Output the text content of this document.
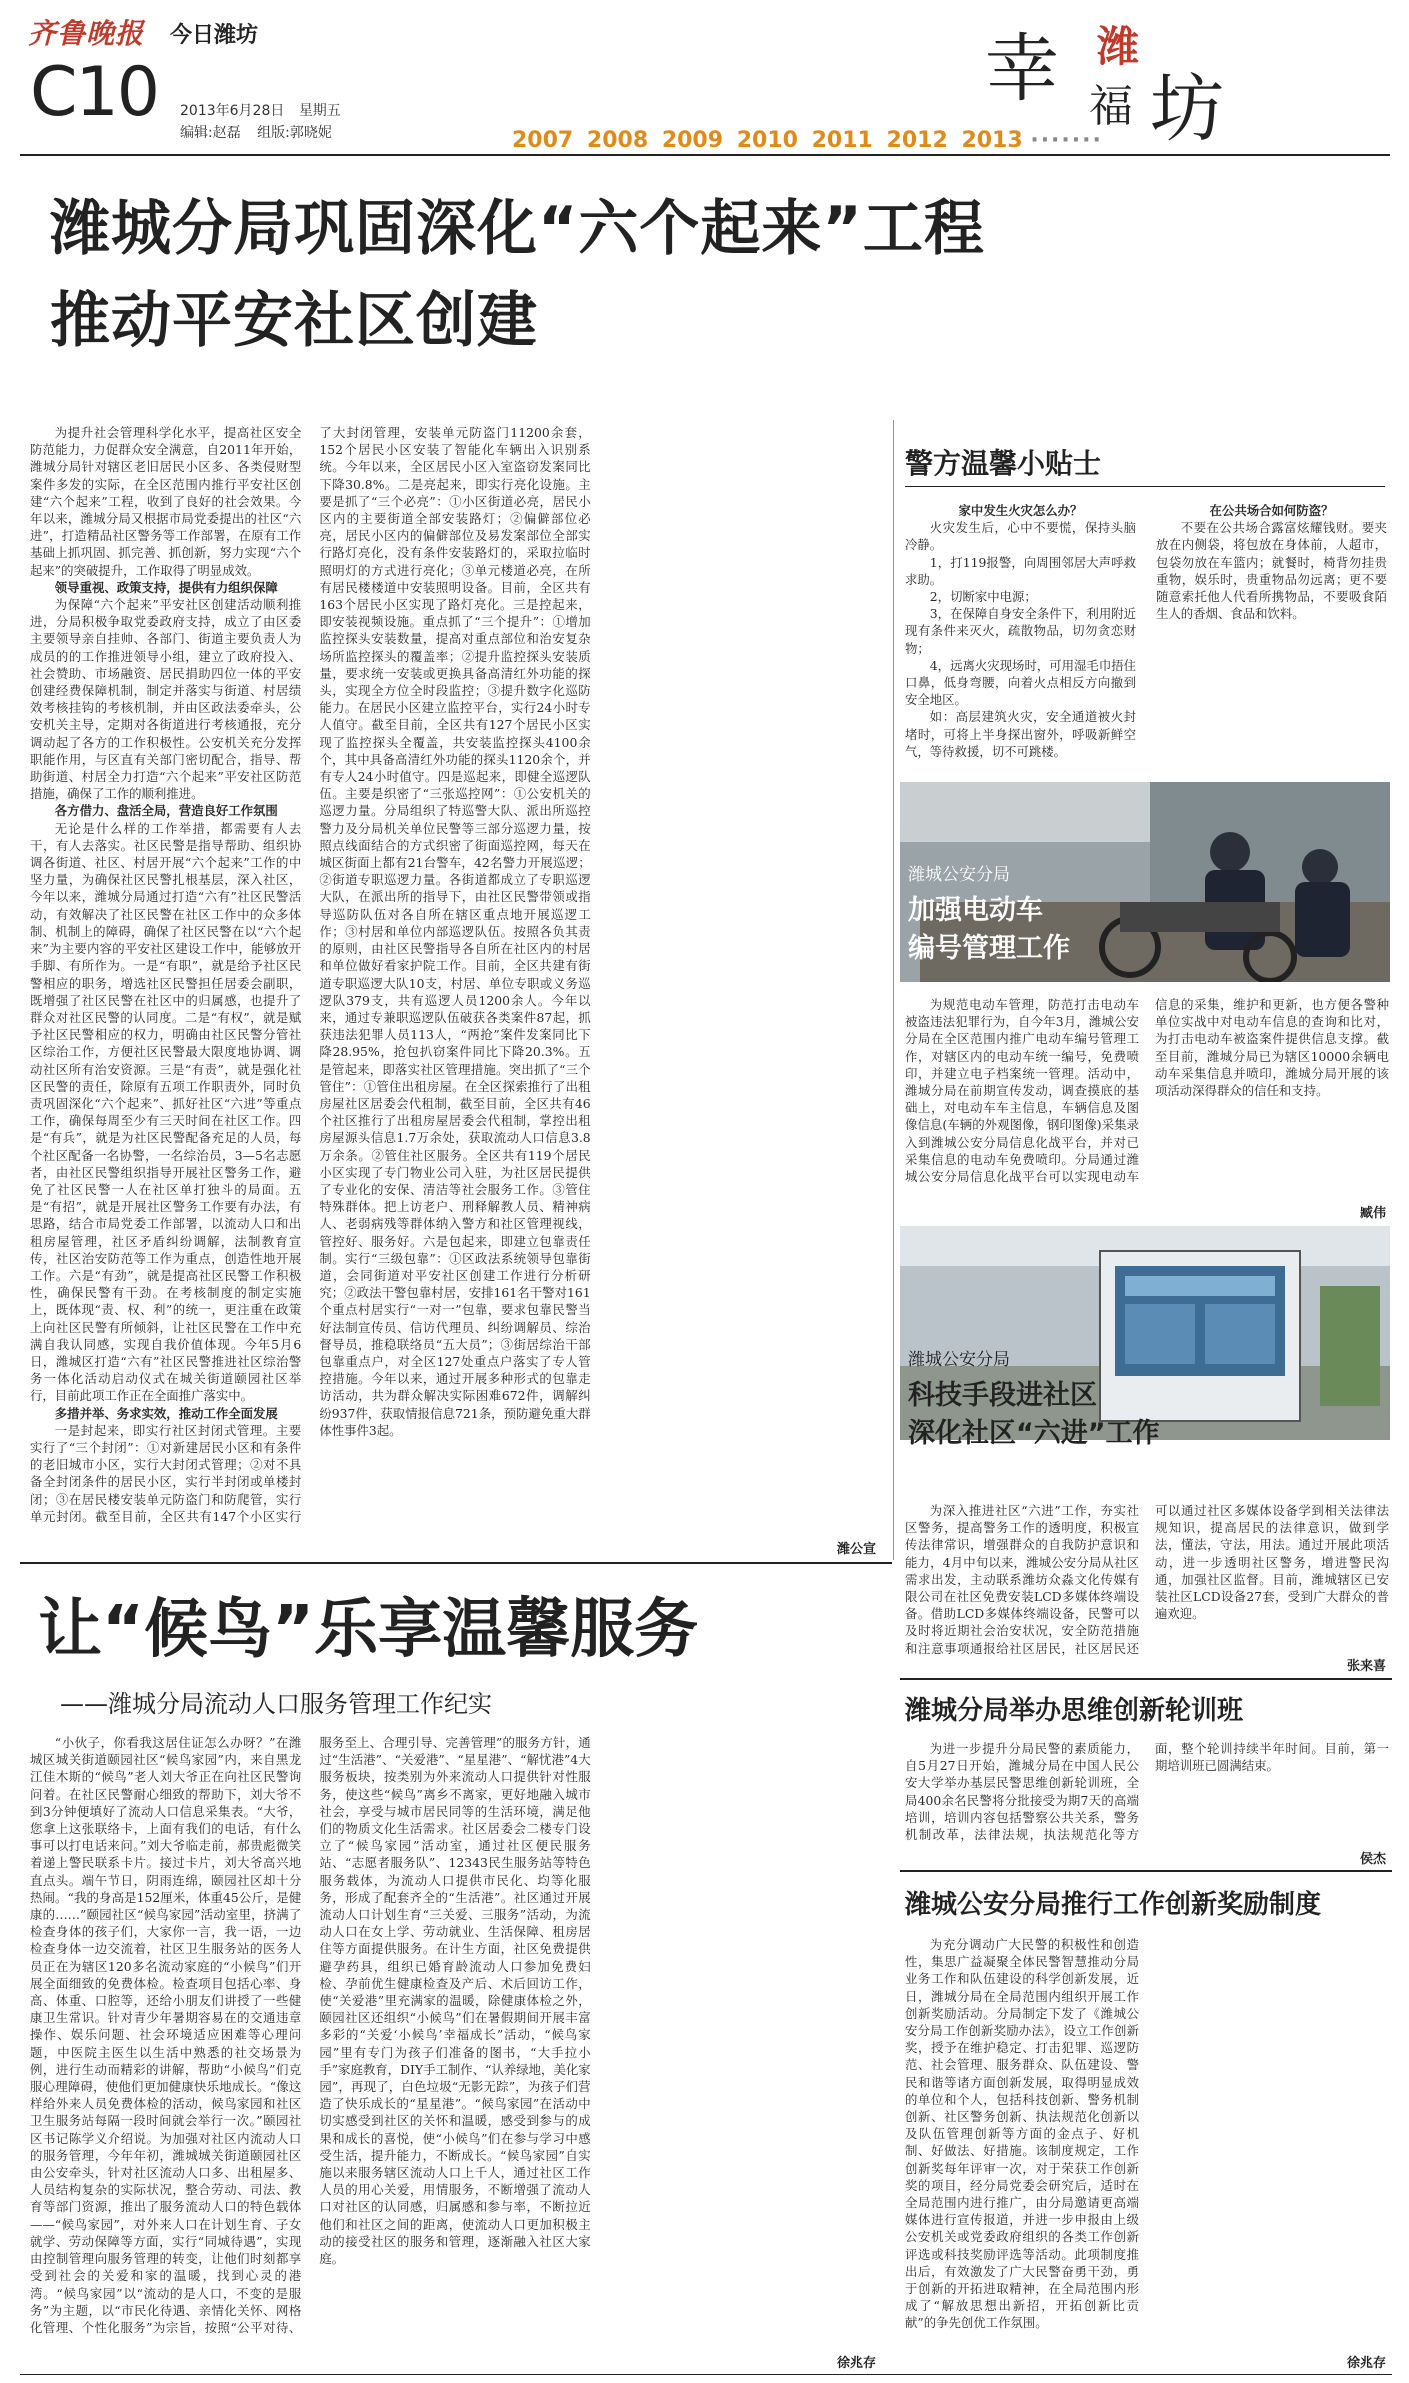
齐鲁晚报 今日潍坊
C10 2013年6月28日 星期五
编辑:赵磊 组版:郭晓妮	2007 2008 2009 2010 2011 2012 2013 ·······
幸 潍
福 坊
潍城分局巩固深化“六个起来”工程
推动平安社区创建

为提升社会管理科学化水平，提高社区安全防范能力，力促群众安全满意，自2011年开始，潍城分局针对辖区老旧居民小区多、各类侵财型案件多发的实际，在全区范围内推行平安社区创建“六个起来”工程，收到了良好的社会效果。今年以来，潍城分局又根据市局党委提出的社区“六进”，打造精品社区警务等工作部署，在原有工作基础上抓巩固、抓完善、抓创新，努力实现“六个起来”的突破提升，工作取得了明显成效。

领导重视、政策支持，提供有力组织保障

为保障“六个起来”平安社区创建活动顺利推进，分局积极争取党委政府支持，成立了由区委主要领导亲自挂帅、各部门、街道主要负责人为成员的的工作推进领导小组，建立了政府投入、社会赞助、市场融资、居民捐助四位一体的平安创建经费保障机制，制定并落实与街道、村居绩效考核挂钩的考核机制，并由区政法委牵头，公安机关主导，定期对各街道进行考核通报，充分调动起了各方的工作积极性。公安机关充分发挥职能作用，与区直有关部门密切配合，指导、帮助街道、村居全力打造“六个起来”平安社区防范措施，确保了工作的顺利推进。

各方借力、盘活全局，营造良好工作氛围

无论是什么样的工作举措，都需要有人去干，有人去落实。社区民警是指导帮助、组织协调各街道、社区、村居开展“六个起来”工作的中坚力量，为确保社区民警扎根基层，深入社区，今年以来，潍城分局通过打造“六有”社区民警活动，有效解决了社区民警在社区工作中的众多体制、机制上的障碍，确保了社区民警在以“六个起来”为主要内容的平安社区建设工作中，能够放开手脚、有所作为。一是“有职”，就是给予社区民警相应的职务，增选社区民警担任居委会副职，既增强了社区民警在社区中的归属感，也提升了群众对社区民警的认同度。二是“有权”，就是赋予社区民警相应的权力，明确由社区民警分管社区综治工作，方便社区民警最大限度地协调、调动社区所有治安资源。三是“有责”，就是强化社区民警的责任，除原有五项工作职责外，同时负责巩固深化“六个起来”、抓好社区“六进”等重点工作，确保每周至少有三天时间在社区工作。四是“有兵”，就是为社区民警配备充足的人员，每个社区配备一名协警，一名综治员，3—5名志愿者，由社区民警组织指导开展社区警务工作，避免了社区民警一人在社区单打独斗的局面。五是“有招”，就是开展社区警务工作要有办法，有思路，结合市局党委工作部署，以流动人口和出租房屋管理，社区矛盾纠纷调解，法制教育宣传，社区治安防范等工作为重点，创造性地开展工作。六是“有劲”，就是提高社区民警工作积极性，确保民警有干劲。在考核制度的制定实施上，既体现“责、权、利”的统一，更注重在政策上向社区民警有所倾斜，让社区民警在工作中充满自我认同感，实现自我价值体现。今年5月6日，潍城区打造“六有”社区民警推进社区综治警务一体化活动启动仪式在城关街道颐园社区举行，目前此项工作正在全面推广落实中。

多措并举、务求实效，推动工作全面发展

一是封起来，即实行社区封闭式管理。主要实行了“三个封闭”：①对新建居民小区和有条件的老旧城市小区，实行大封闭式管理；②对不具备全封闭条件的居民小区，实行半封闭或单楼封闭；③在居民楼安装单元防盗门和防爬管，实行单元封闭。截至目前，全区共有147个小区实行了大封闭管理，安装单元防盗门11200余套，152个居民小区安装了智能化车辆出入识别系统。今年以来，全区居民小区入室盗窃发案同比下降30.8%。二是亮起来，即实行亮化设施。主要是抓了“三个必亮”：①小区街道必亮，居民小区内的主要街道全部安装路灯；②偏僻部位必亮，居民小区内的偏僻部位及易发案部位全部实行路灯亮化，没有条件安装路灯的，采取拉临时照明灯的方式进行亮化；③单元楼道必亮，在所有居民楼楼道中安装照明设备。目前，全区共有163个居民小区实现了路灯亮化。三是控起来，即安装视频设施。重点抓了“三个提升”：①增加监控探头安装数量，提高对重点部位和治安复杂场所监控探头的覆盖率；②提升监控探头安装质量，要求统一安装或更换具备高清红外功能的探头，实现全方位全时段监控；③提升数字化巡防能力。在居民小区建立监控平台，实行24小时专人值守。截至目前，全区共有127个居民小区实现了监控探头全覆盖，共安装监控探头4100余个，其中具备高清红外功能的探头1120余个，并有专人24小时值守。四是巡起来，即健全巡逻队伍。主要是织密了“三张巡控网”：①公安机关的巡逻力量。分局组织了特巡警大队、派出所巡控警力及分局机关单位民警等三部分巡逻力量，按照点线面结合的方式织密了街面巡控网，每天在城区街面上都有21台警车，42名警力开展巡逻；②街道专职巡逻力量。各街道都成立了专职巡逻大队，在派出所的指导下，由社区民警带领或指导巡防队伍对各自所在辖区重点地开展巡逻工作；③村居和单位内部巡逻队伍。按照各负其责的原则，由社区民警指导各自所在社区内的村居和单位做好看家护院工作。目前，全区共建有街道专职巡逻大队10支，村居、单位专职或义务巡逻队379支，共有巡逻人员1200余人。今年以来，通过专兼职巡逻队伍破获各类案件87起，抓获违法犯罪人员113人，“两抢”案件发案同比下降28.95%，抢包扒窃案件同比下降20.3%。五是管起来，即落实社区管理措施。突出抓了“三个管住”：①管住出租房屋。在全区探索推行了出租房屋社区居委会代租制，截至目前，全区共有46个社区推行了出租房屋居委会代租制，掌控出租房屋源头信息1.7万余处，获取流动人口信息3.8万余条。②管住社区服务。全区共有119个居民小区实现了专门物业公司入驻，为社区居民提供了专业化的安保、清洁等社会服务工作。③管住特殊群体。把上访老户、刑释解教人员、精神病人、老弱病残等群体纳入警方和社区管理视线，管控好、服务好。六是包起来，即建立包靠责任制。实行“三级包靠”：①区政法系统领导包靠街道，会同街道对平安社区创建工作进行分析研究；②政法干警包靠村居，安排161名干警对161个重点村居实行“一对一”包靠，要求包靠民警当好法制宣传员、信访代理员、纠纷调解员、综治督导员，推稳联络员“五大员”；③街居综治干部包靠重点户，对全区127处重点户落实了专人管控措施。今年以来，通过开展多种形式的包靠走访活动，共为群众解决实际困难672件，调解纠纷937件，获取情报信息721条，预防避免重大群体性事件3起。

潍公宣
警方温馨小贴士

家中发生火灾怎么办？

火灾发生后，心中不要慌，保持头脑冷静。

1，打119报警，向周围邻居大声呼救求助。

2，切断家中电源；

3，在保障自身安全条件下，利用附近现有条件来灭火，疏散物品，切勿贪恋财物；

4，远离火灾现场时，可用湿毛巾捂住口鼻，低身弯腰，向着火点相反方向撤到安全地区。

如：高层建筑火灾，安全通道被火封堵时，可将上半身探出窗外，呼吸新鲜空气，等待救援，切不可跳楼。

在公共场合如何防盗？

不要在公共场合露富炫耀钱财。要夹放在内侧袋，将包放在身体前，人超市，包袋勿放在车篮内；就餐时，椅背勿挂贵重物，娱乐时，贵重物品勿远离；更不要随意索托他人代看所携物品，不要吸食陌生人的香烟、食品和饮料。

潍城公安分局
加强电动车
编号管理工作

为规范电动车管理，防范打击电动车被盗违法犯罪行为，自今年3月，潍城公安分局在全区范围内推广电动车编号管理工作，对辖区内的电动车统一编号，免费喷印，并建立电子档案统一管理。活动中，潍城分局在前期宣传发动，调查摸底的基础上，对电动车车主信息，车辆信息及图像信息(车辆的外观图像，钢印图像)采集录入到潍城公安分局信息化战平台，并对已采集信息的电动车免费喷印。分局通过潍城公安分局信息化战平台可以实现电动车信息的采集，维护和更新，也方便各警种单位实战中对电动车信息的查询和比对，为打击电动车被盗案件提供信息支撑。截至目前，潍城分局已为辖区10000余辆电动车采集信息并喷印，潍城分局开展的该项活动深得群众的信任和支持。

臧伟
潍城公安分局
科技手段进社区
深化社区“六进”工作

为深入推进社区“六进”工作，夯实社区警务，提高警务工作的透明度，积极宣传法律常识，增强群众的自我防护意识和能力，4月中旬以来，潍城公安分局从社区需求出发，主动联系潍坊众淼文化传媒有限公司在社区免费安装LCD多媒体终端设备。借助LCD多媒体终端设备，民警可以及时将近期社会治安状况，安全防范措施和注意事项通报给社区居民，社区居民还可以通过社区多媒体设备学到相关法律法规知识，提高居民的法律意识，做到学法，懂法，守法，用法。通过开展此项活动，进一步透明社区警务，增进警民沟通，加强社区监督。目前，潍城辖区已安装社区LCD设备27套，受到广大群众的普遍欢迎。

张来喜
潍城分局举办思维创新轮训班

为进一步提升分局民警的素质能力，自5月27日开始，潍城分局在中国人民公安大学举办基层民警思维创新轮训班，全局400余名民警将分批接受为期7天的高端培训，培训内容包括警察公共关系，警务机制改革，法律法规，执法规范化等方面，整个轮训持续半年时间。目前，第一期培训班已圆满结束。

侯杰
潍城公安分局推行工作创新奖励制度

为充分调动广大民警的积极性和创造性，集思广益凝聚全体民警智慧推动分局业务工作和队伍建设的科学创新发展，近日，潍城分局在全局范围内组织开展工作创新奖励活动。分局制定下发了《潍城公安分局工作创新奖励办法》，设立工作创新奖，授予在维护稳定、打击犯罪、巡逻防范、社会管理、服务群众、队伍建设、警民和谐等诸方面创新发展，取得明显成效的单位和个人，包括科技创新、警务机制创新、社区警务创新、执法规范化创新以及队伍管理创新等方面的金点子、好机制、好做法、好措施。该制度规定，工作创新奖每年评审一次，对于荣获工作创新奖的项目，经分局党委会研究后，适时在全局范围内进行推广，由分局邀请更高端媒体进行宣传报道，并进一步申报由上级公安机关或党委政府组织的各类工作创新评选或科技奖励评选等活动。此项制度推出后，有效激发了广大民警奋勇干劲，勇于创新的开拓进取精神，在全局范围内形成了“解放思想出新招，开拓创新比贡献”的争先创优工作氛围。

徐兆存
让“候鸟”乐享温馨服务
——潍城分局流动人口服务管理工作纪实

“小伙子，你看我这居住证怎么办呀？”在潍城区城关街道颐园社区“候鸟家园”内，来自黑龙江佳木斯的“候鸟”老人刘大爷正在向社区民警询问着。在社区民警耐心细致的帮助下，刘大爷不到3分钟便填好了流动人口信息采集表。“大爷，您拿上这张联络卡，上面有我们的电话，有什么事可以打电话来问。”刘大爷临走前，郝贵彪微笑着递上警民联系卡片。接过卡片，刘大爷高兴地直点头。端午节日，阴雨连绵，颐园社区却十分热闹。“我的身高是152厘米，体重45公斤，是健康的……”颐园社区“候鸟家园”活动室里，挤满了检查身体的孩子们，大家你一言，我一语，一边检查身体一边交流着，社区卫生服务站的医务人员正在为辖区120多名流动家庭的“小候鸟”们开展全面细致的免费体检。检查项目包括心率、身高、体重、口腔等，还给小朋友们讲授了一些健康卫生常识。针对青少年暑期容易在的交通违章操作、娱乐问题、社会环境适应困难等心理问题，中医院主医生以生活中熟悉的社交场景为例，进行生动而精彩的讲解，帮助“小候鸟”们克服心理障碍，使他们更加健康快乐地成长。“像这样给外来人员免费体检的活动，候鸟家园和社区卫生服务站每隔一段时间就会举行一次。”颐园社区书记陈学义介绍说。为加强对社区内流动人口的服务管理，今年年初，潍城城关街道颐园社区由公安牵头，针对社区流动人口多、出租屋多、人员结构复杂的实际状况，整合劳动、司法、教育等部门资源，推出了服务流动人口的特色载体——“候鸟家园”，对外来人口在计划生育、子女就学、劳动保障等方面，实行“同城待遇”，实现由控制管理向服务管理的转变，让他们时刻都享受到社会的关爱和家的温暖，找到心灵的港湾。“候鸟家园”以“流动的是人口，不变的是服务”为主题，以“市民化待遇、亲情化关怀、网格化管理、个性化服务”为宗旨，按照“公平对待、服务至上、合理引导、完善管理”的服务方针，通过“生活港”、“关爱港”、“星星港”、“解忧港”4大服务板块，按类别为外来流动人口提供针对性服务，使这些“候鸟”离乡不离家，更好地融入城市社会，享受与城市居民同等的生活环境，满足他们的物质文化生活需求。社区居委会二楼专门设立了“候鸟家园”活动室，通过社区便民服务站、“志愿者服务队”、12343民生服务站等特色服务载体，为流动人口提供市民化、均等化服务，形成了配套齐全的“生活港”。社区通过开展流动人口计划生育“三关爱、三服务”活动，为流动人口在女上学、劳动就业、生活保障、租房居住等方面提供服务。在计生方面，社区免费提供避孕药具，组织已婚育龄流动人口参加免费妇检、孕前优生健康检查及产后、术后回访工作，使“关爱港”里充满家的温暖，除健康体检之外，颐园社区还组织“小候鸟”们在暑假期间开展丰富多彩的“关爱‘小候鸟’幸福成长”活动，“候鸟家园”里有专门为孩子们准备的图书，“大手拉小手”家庭教育，DIY手工制作、“认养绿地，美化家园”，再现了，白色垃圾“无影无踪”，为孩子们营造了快乐成长的“星星港”。“候鸟家园”在活动中切实感受到社区的关怀和温暖，感受到参与的成果和成长的喜悦，使“小候鸟”们在参与学习中感受生活，提升能力，不断成长。“候鸟家园”自实施以来服务辖区流动人口上千人，通过社区工作人员的用心关爱，用情服务，不断增强了流动人口对社区的认同感，归属感和参与率，不断拉近他们和社区之间的距离，使流动人口更加积极主动的接受社区的服务和管理，逐渐融入社区大家庭。

徐兆存
